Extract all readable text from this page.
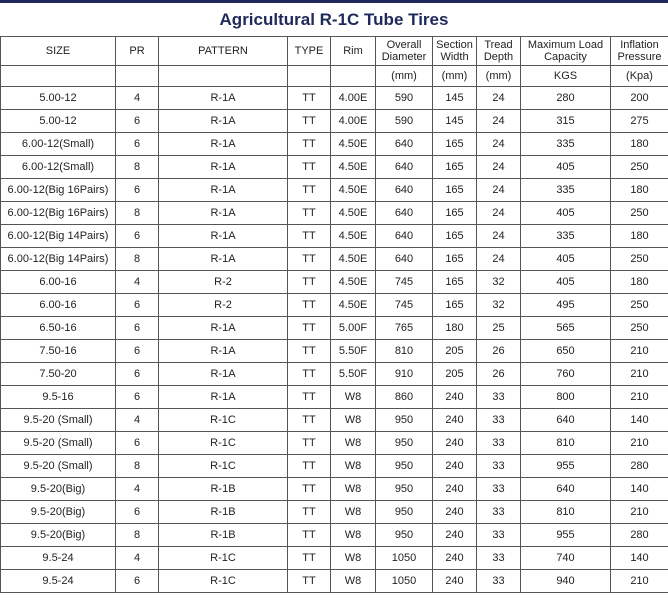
Agricultural R-1C Tube Tires
SIZE	PR	PATTERN	TYPE	Rim	Overall Diameter	Section Width	Tread Depth	Maximum Load Capacity	Inflation Pressure

					(mm)	(mm)	(mm)	KGS	(Kpa)
5.00-12	4	R-1A	TT	4.00E	590	145	24	280	200
5.00-12	6	R-1A	TT	4.00E	590	145	24	315	275
6.00-12(Small)	6	R-1A	TT	4.50E	640	165	24	335	180
6.00-12(Small)	8	R-1A	TT	4.50E	640	165	24	405	250
6.00-12(Big 16Pairs)	6	R-1A	TT	4.50E	640	165	24	335	180
6.00-12(Big 16Pairs)	8	R-1A	TT	4.50E	640	165	24	405	250
6.00-12(Big 14Pairs)	6	R-1A	TT	4.50E	640	165	24	335	180
6.00-12(Big 14Pairs)	8	R-1A	TT	4.50E	640	165	24	405	250
6.00-16	4	R-2	TT	4.50E	745	165	32	405	180
6.00-16	6	R-2	TT	4.50E	745	165	32	495	250
6.50-16	6	R-1A	TT	5.00F	765	180	25	565	250
7.50-16	6	R-1A	TT	5.50F	810	205	26	650	210
7.50-20	6	R-1A	TT	5.50F	910	205	26	760	210
9.5-16	6	R-1A	TT	W8	860	240	33	800	210
9.5-20 (Small)	4	R-1C	TT	W8	950	240	33	640	140
9.5-20 (Small)	6	R-1C	TT	W8	950	240	33	810	210
9.5-20 (Small)	8	R-1C	TT	W8	950	240	33	955	280
9.5-20(Big)	4	R-1B	TT	W8	950	240	33	640	140
9.5-20(Big)	6	R-1B	TT	W8	950	240	33	810	210
9.5-20(Big)	8	R-1B	TT	W8	950	240	33	955	280
9.5-24	4	R-1C	TT	W8	1050	240	33	740	140
9.5-24	6	R-1C	TT	W8	1050	240	33	940	210
